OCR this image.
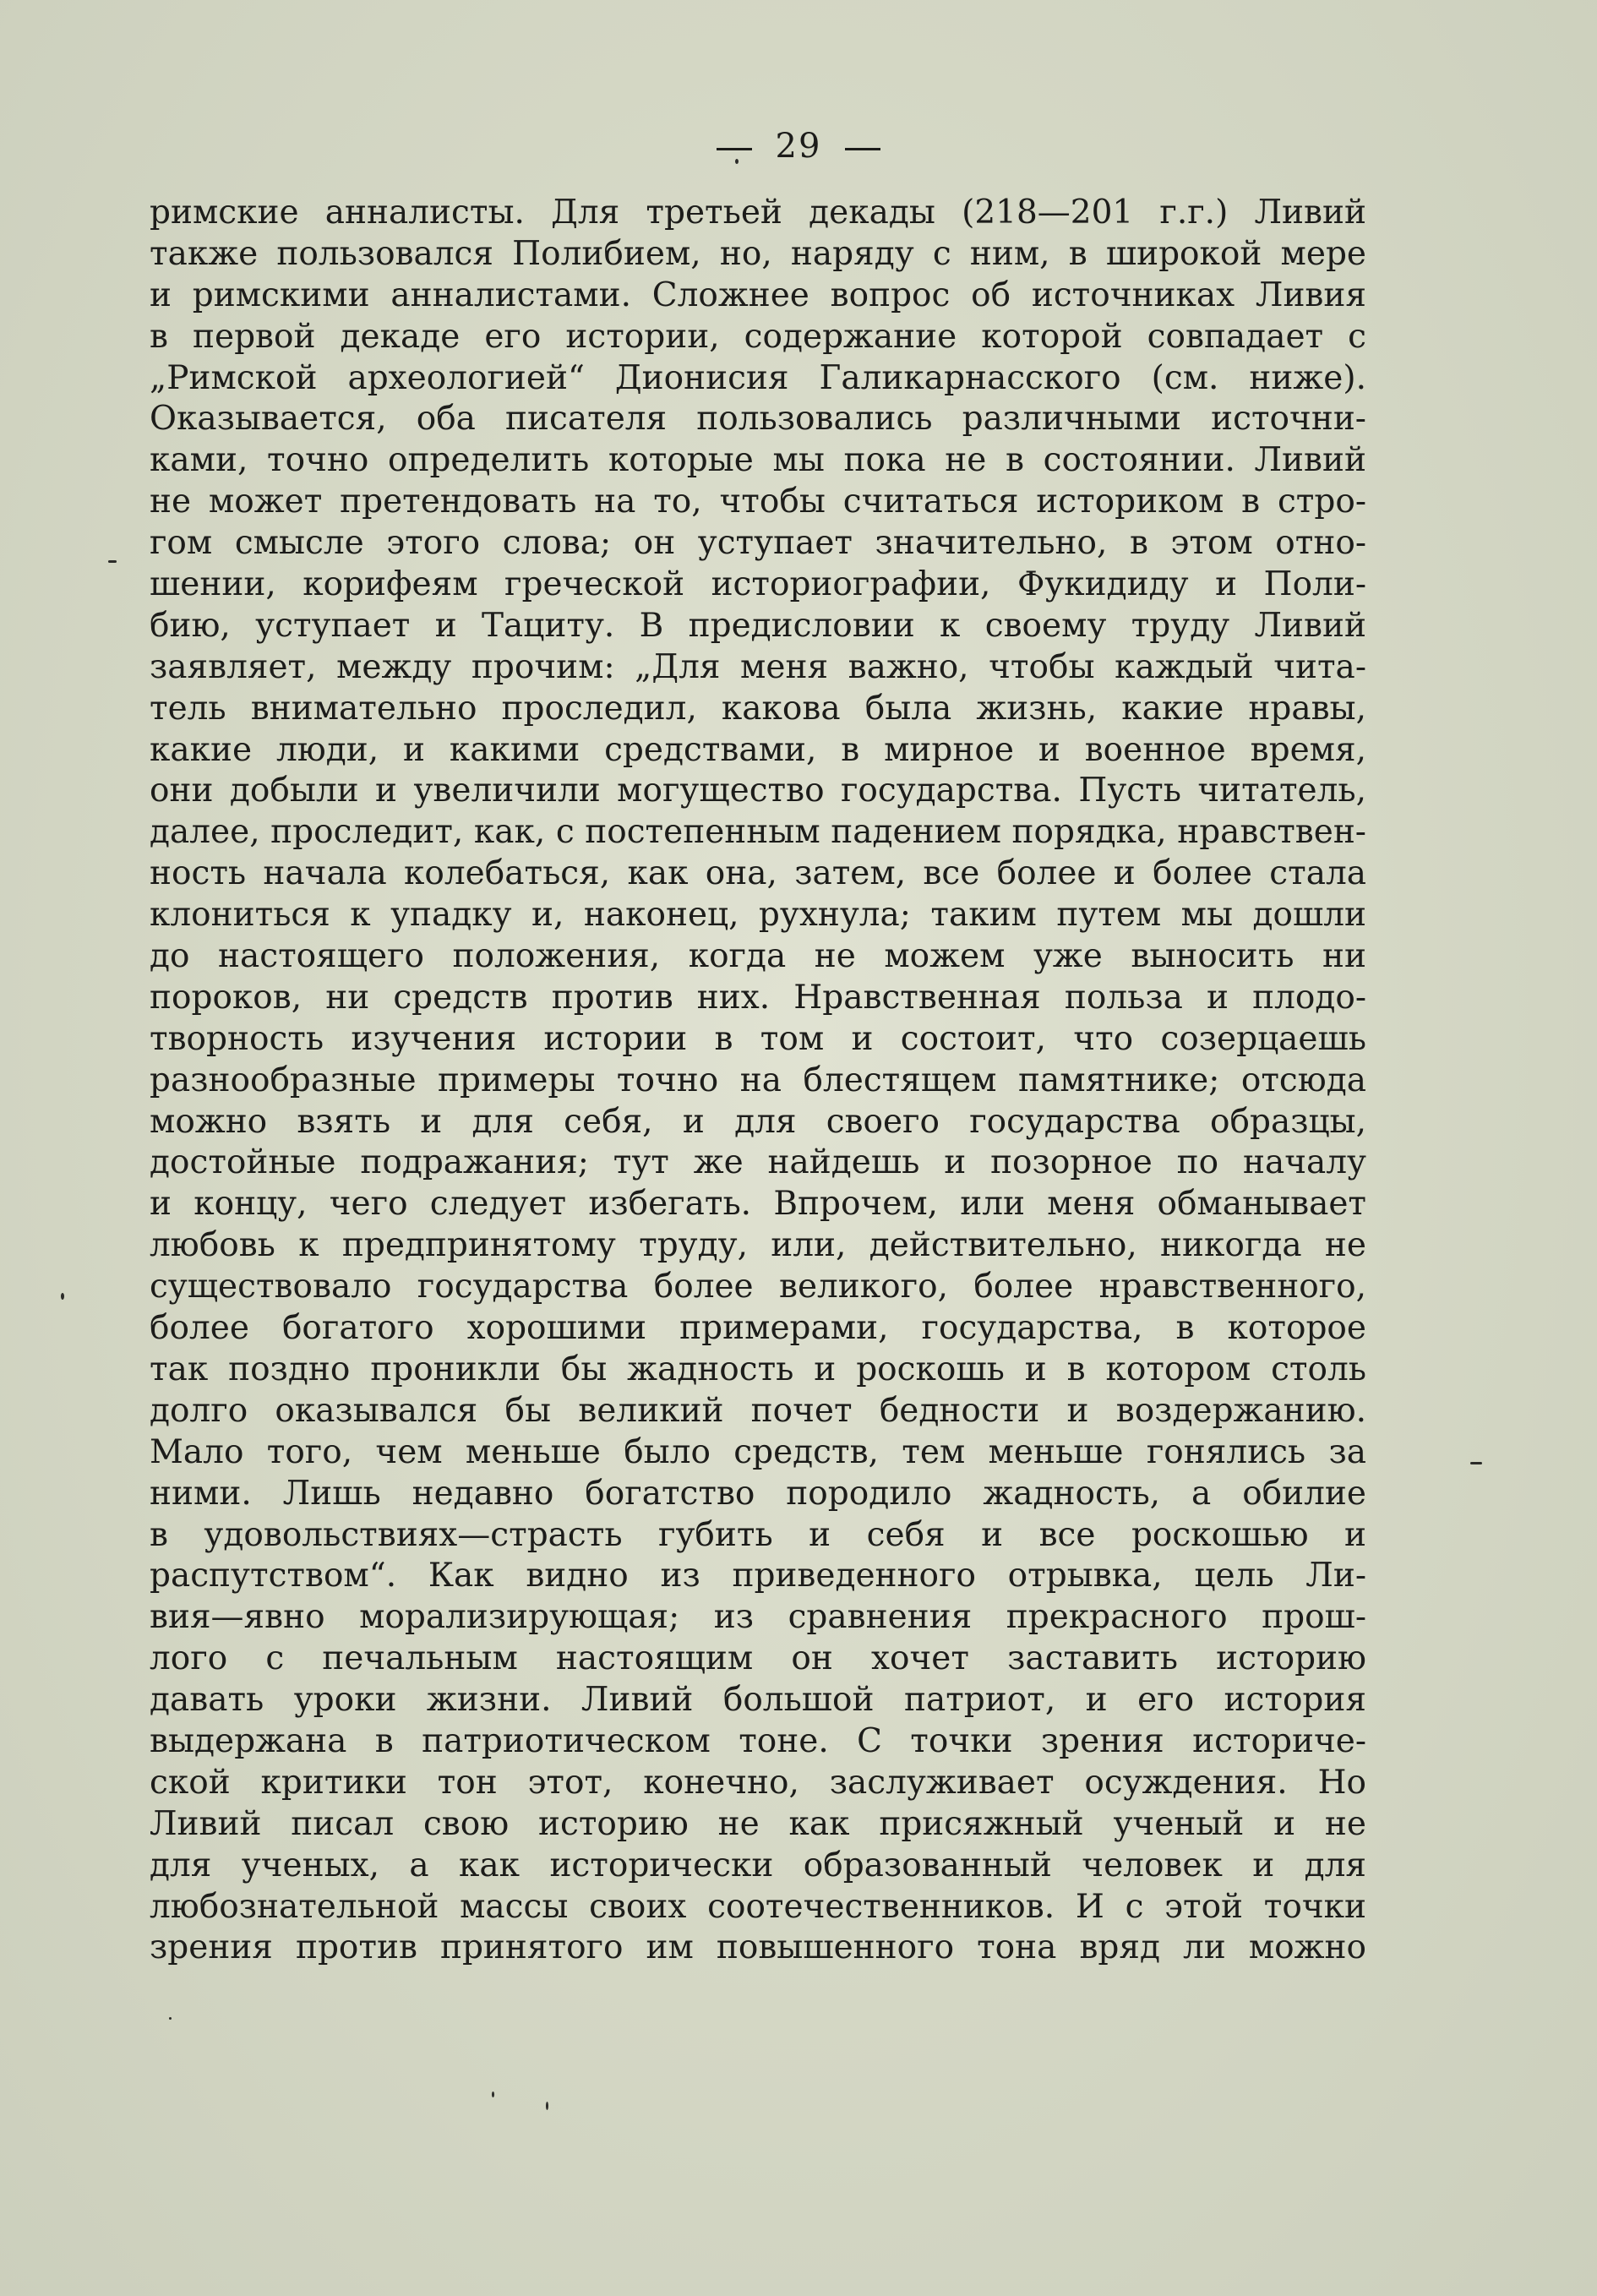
29
римские анналисты. Для третьей декады (218—201 г.г.) Ливий
также пользовался Полибием, но, наряду с ним, в широкой мере
и римскими анналистами. Сложнее вопрос об источниках Ливия
в первой декаде его истории, содержание которой совпадает с
„Римской археологией“ Дионисия Галикарнасского (см. ниже).
Оказывается, оба писателя пользовались различными источни-
ками, точно определить которые мы пока не в состоянии. Ливий
не может претендовать на то, чтобы считаться историком в стро-
гом смысле этого слова; он уступает значительно, в этом отно-
шении, корифеям греческой историографии, Фукидиду и Поли-
бию, уступает и Тациту. В предисловии к своему труду Ливий
заявляет, между прочим: „Для меня важно, чтобы каждый чита-
тель внимательно проследил, какова была жизнь, какие нравы,
какие люди, и какими средствами, в мирное и военное время,
они добыли и увеличили могущество государства. Пусть читатель,
далее, проследит, как, с постепенным падением порядка, нравствен-
ность начала колебаться, как она, затем, все более и более стала
клониться к упадку и, наконец, рухнула; таким путем мы дошли
до настоящего положения, когда не можем уже выносить ни
пороков, ни средств против них. Нравственная польза и плодо-
творность изучения истории в том и состоит, что созерцаешь
разнообразные примеры точно на блестящем памятнике; отсюда
можно взять и для себя, и для своего государства образцы,
достойные подражания; тут же найдешь и позорное по началу
и концу, чего следует избегать. Впрочем, или меня обманывает
любовь к предпринятому труду, или, действительно, никогда не
существовало государства более великого, более нравственного,
более богатого хорошими примерами, государства, в которое
так поздно проникли бы жадность и роскошь и в котором столь
долго оказывался бы великий почет бедности и воздержанию.
Мало того, чем меньше было средств, тем меньше гонялись за
ними. Лишь недавно богатство породило жадность, а обилие
в удовольствиях—страсть губить и себя и все роскошью и
распутством“. Как видно из приведенного отрывка, цель Ли-
вия—явно морализирующая; из сравнения прекрасного прош-
лого с печальным настоящим он хочет заставить историю
давать уроки жизни. Ливий большой патриот, и его история
выдержана в патриотическом тоне. С точки зрения историче-
ской критики тон этот, конечно, заслуживает осуждения. Но
Ливий писал свою историю не как присяжный ученый и не
для ученых, а как исторически образованный человек и для
любознательной массы своих соотечественников. И с этой точки
зрения против принятого им повышенного тона вряд ли можно
